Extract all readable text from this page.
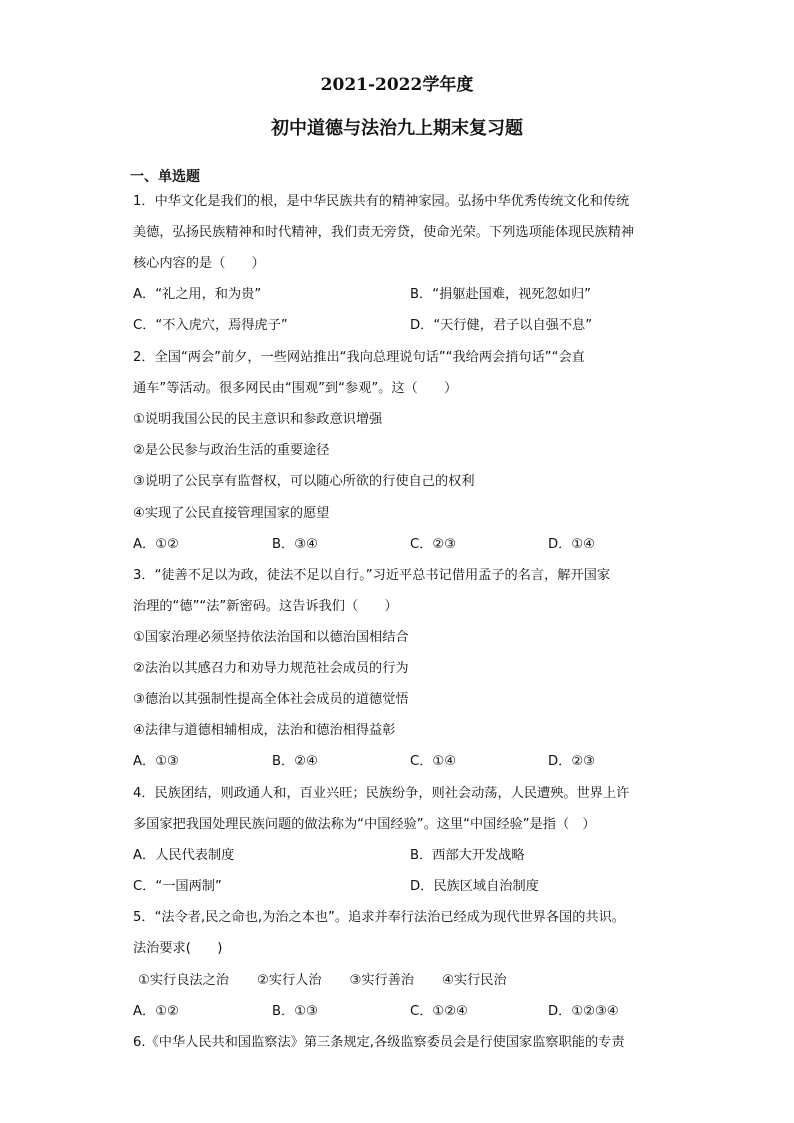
2021-2022学年度
初中道德与法治九上期末复习题
一、单选题
1．中华文化是我们的根，是中华民族共有的精神家园。弘扬中华优秀传统文化和传统
美德，弘扬民族精神和时代精神，我们责无旁贷，使命光荣。下列选项能体现民族精神
核心内容的是（　　）
A．“礼之用，和为贵”	B．“捐躯赴国难，视死忽如归”
C．“不入虎穴，焉得虎子”	D．“天行健，君子以自强不息”
2．全国“两会”前夕，一些网站推出“我向总理说句话”“我给两会捎句话”“会直
通车”等活动。很多网民由“围观”到“参观”。这（　　）
①说明我国公民的民主意识和参政意识增强
②是公民参与政治生活的重要途径
③说明了公民享有监督权，可以随心所欲的行使自己的权利
④实现了公民直接管理国家的愿望
A．①②	B．③④	C．②③	D．①④
3．“徒善不足以为政，徒法不足以自行。”习近平总书记借用孟子的名言，解开国家
治理的“德”“法”新密码。这告诉我们（　　）
①国家治理必须坚持依法治国和以德治国相结合
②法治以其感召力和劝导力规范社会成员的行为
③德治以其强制性提高全体社会成员的道德觉悟
④法律与道德相辅相成，法治和德治相得益彰
A．①③	B．②④	C．①④	D．②③
4．民族团结，则政通人和，百业兴旺；民族纷争，则社会动荡，人民遭殃。世界上许
多国家把我国处理民族问题的做法称为“中国经验”。这里“中国经验”是指（　）
A．人民代表制度	B．西部大开发战略
C．“一国两制”	D．民族区域自治制度
5．“法令者,民之命也,为治之本也”。追求并奉行法治已经成为现代世界各国的共识。
法治要求(　　)
①实行良法之治 ②实行人治 ③实行善治 ④实行民治
A．①②	B．①③	C．①②④	D．①②③④
6.《中华人民共和国监察法》第三条规定,各级监察委员会是行使国家监察职能的专责
